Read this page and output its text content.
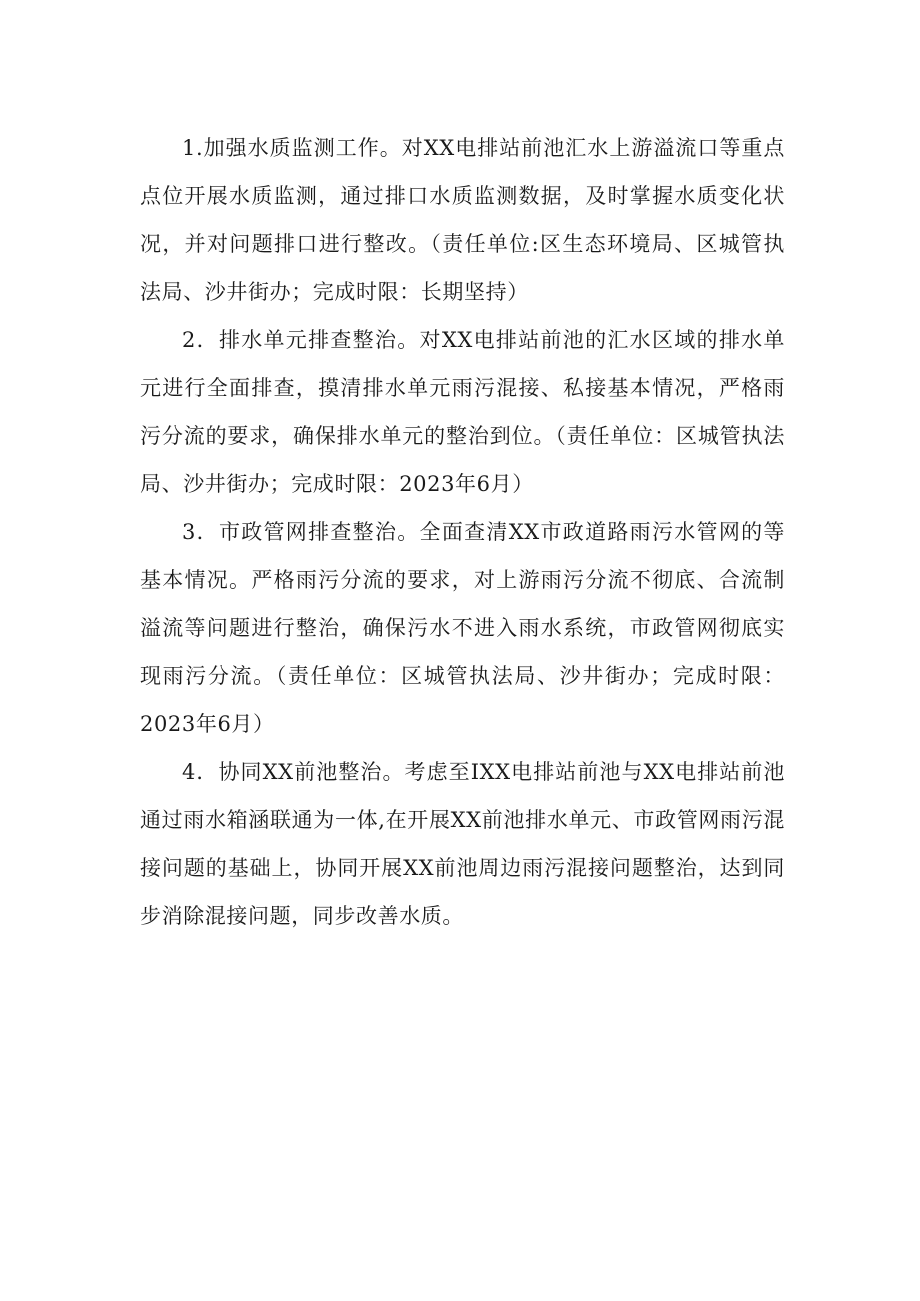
1.加强水质监测工作。对XX电排站前池汇水上游溢流口等重点点位开展水质监测，通过排口水质监测数据，及时掌握水质变化状况，并对问题排口进行整改。（责任单位:区生态环境局、区城管执法局、沙井街办；完成时限：长期坚持）

2．排水单元排查整治。对XX电排站前池的汇水区域的排水单元进行全面排查，摸清排水单元雨污混接、私接基本情况，严格雨污分流的要求，确保排水单元的整治到位。（责任单位：区城管执法局、沙井街办；完成时限：2023年6月）

3．市政管网排查整治。全面查清XX市政道路雨污水管网的等基本情况。严格雨污分流的要求，对上游雨污分流不彻底、合流制溢流等问题进行整治，确保污水不进入雨水系统，市政管网彻底实现雨污分流。（责任单位：区城管执法局、沙井街办；完成时限：2023年6月）

4．协同XX前池整治。考虑至IXX电排站前池与XX电排站前池通过雨水箱涵联通为一体,在开展XX前池排水单元、市政管网雨污混接问题的基础上，协同开展XX前池周边雨污混接问题整治，达到同步消除混接问题，同步改善水质。
